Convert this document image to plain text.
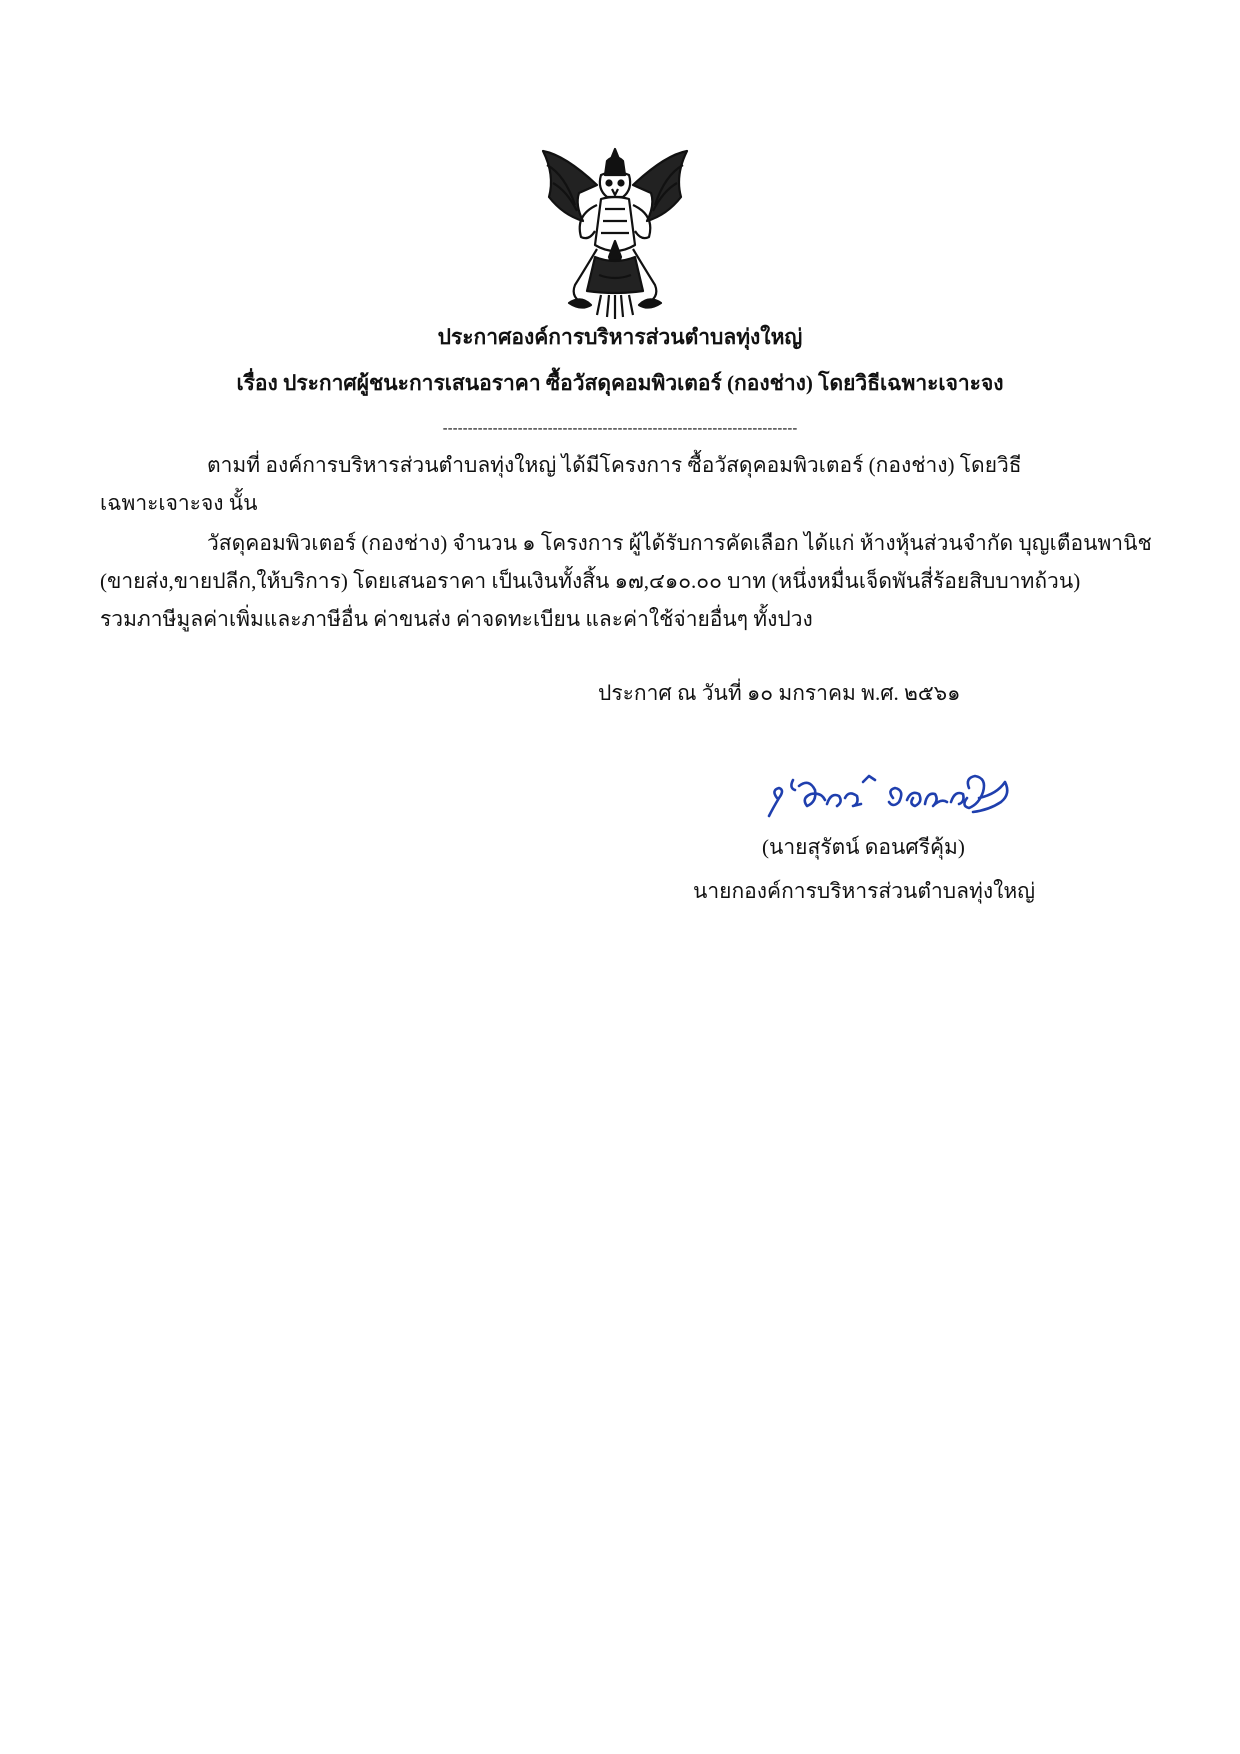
ประกาศองค์การบริหารส่วนตำบลทุ่งใหญ่

เรื่อง ประกาศผู้ชนะการเสนอราคา ซื้อวัสดุคอมพิวเตอร์ (กองช่าง) โดยวิธีเฉพาะเจาะจง

-----------------------------------------------------------------------

ตามที่ องค์การบริหารส่วนตำบลทุ่งใหญ่ ได้มีโครงการ ซื้อวัสดุคอมพิวเตอร์ (กองช่าง) โดยวิธี

เฉพาะเจาะจง นั้น

วัสดุคอมพิวเตอร์ (กองช่าง) จำนวน ๑ โครงการ ผู้ได้รับการคัดเลือก ได้แก่ ห้างหุ้นส่วนจำกัด บุญเตือนพานิช

(ขายส่ง,ขายปลีก,ให้บริการ) โดยเสนอราคา เป็นเงินทั้งสิ้น ๑๗,๔๑๐.๐๐ บาท (หนึ่งหมื่นเจ็ดพันสี่ร้อยสิบบาทถ้วน)

รวมภาษีมูลค่าเพิ่มและภาษีอื่น ค่าขนส่ง ค่าจดทะเบียน และค่าใช้จ่ายอื่นๆ ทั้งปวง

ประกาศ ณ วันที่ ๑๐ มกราคม พ.ศ. ๒๕๖๑

(นายสุรัตน์ ดอนศรีคุ้ม)

นายกองค์การบริหารส่วนตำบลทุ่งใหญ่
